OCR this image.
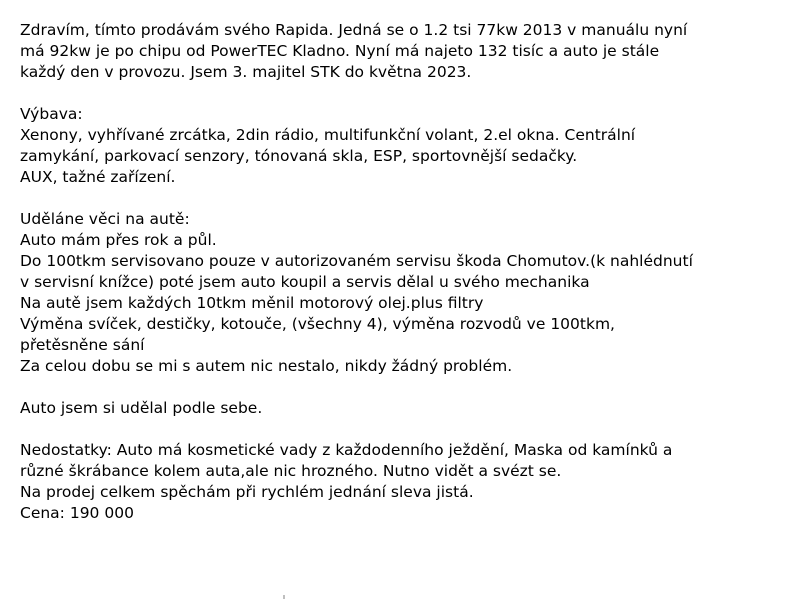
Zdravím, tímto prodávám svého Rapida. Jedná se o 1.2 tsi 77kw 2013 v manuálu nyní
má 92kw je po chipu od PowerTEC Kladno. Nyní má najeto 132 tisíc a auto je stále
každý den v provozu. Jsem 3. majitel STK do května 2023.
Výbava:
Xenony, vyhřívané zrcátka, 2din rádio, multifunkční volant, 2.el okna. Centrální
zamykání, parkovací senzory, tónovaná skla, ESP, sportovnější sedačky.
AUX, tažné zařízení.
Uděláne věci na autě:
Auto mám přes rok a půl.
Do 100tkm servisovano pouze v autorizovaném servisu škoda Chomutov.(k nahlédnutí
v servisní knížce) poté jsem auto koupil a servis dělal u svého mechanika
Na autě jsem každých 10tkm měnil motorový olej.plus filtry
Výměna svíček, destičky, kotouče, (všechny 4), výměna rozvodů ve 100tkm,
přetěsněne sání
Za celou dobu se mi s autem nic nestalo, nikdy žádný problém.
Auto jsem si udělal podle sebe.
Nedostatky: Auto má kosmetické vady z každodenního ježdění, Maska od kamínků a
různé škrábance kolem auta,ale nic hrozného. Nutno vidět a svézt se.
Na prodej celkem spěchám při rychlém jednání sleva jistá.
Cena: 190 000
